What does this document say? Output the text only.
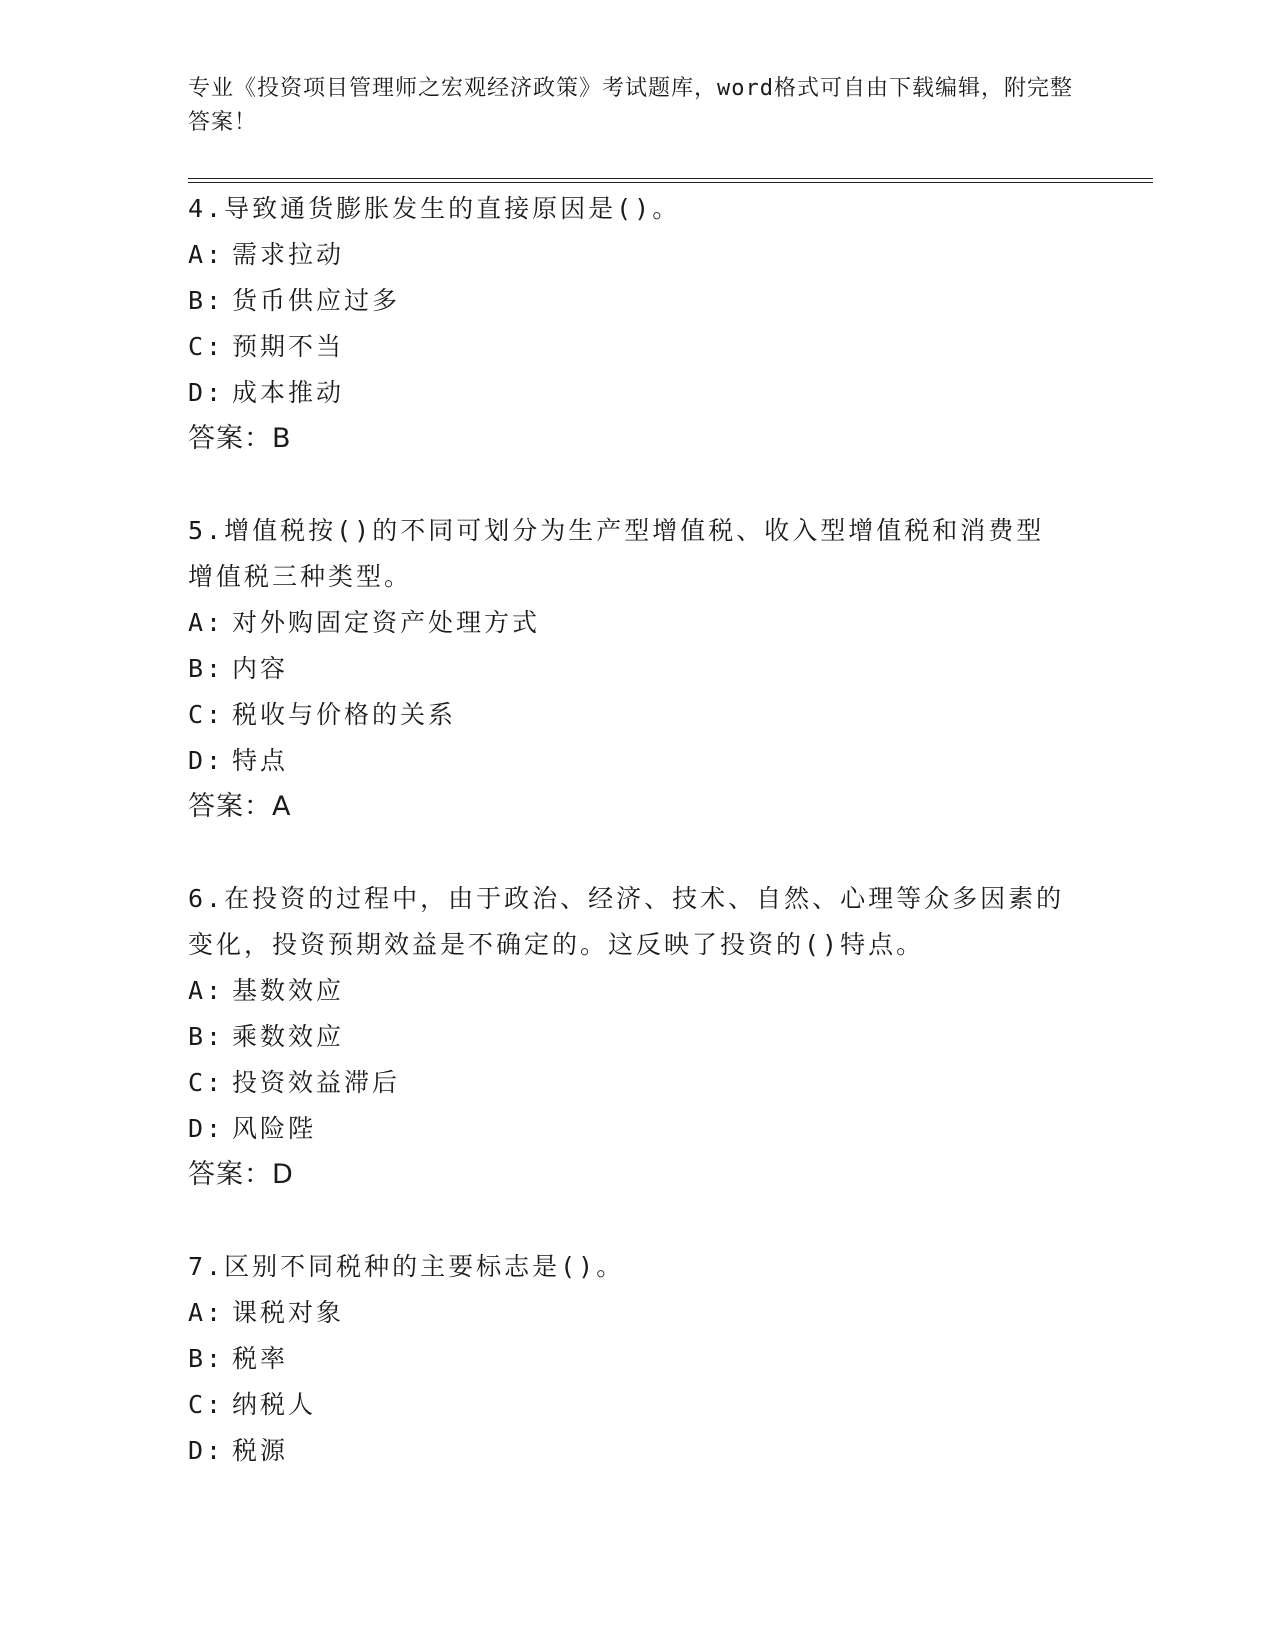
专业《投资项目管理师之宏观经济政策》考试题库，word格式可自由下载编辑，附完整答案！

4.导致通货膨胀发生的直接原因是()。

A: 需求拉动
B: 货币供应过多
C: 预期不当
D: 成本推动
答案：B

5.增值税按()的不同可划分为生产型增值税、收入型增值税和消费型增值税三种类型。

A: 对外购固定资产处理方式
B: 内容
C: 税收与价格的关系
D: 特点
答案：A

6.在投资的过程中，由于政治、经济、技术、自然、心理等众多因素的变化，投资预期效益是不确定的。这反映了投资的()特点。

A: 基数效应
B: 乘数效应
C: 投资效益滞后
D: 风险陛
答案：D

7.区别不同税种的主要标志是()。

A: 课税对象
B: 税率
C: 纳税人
D: 税源
